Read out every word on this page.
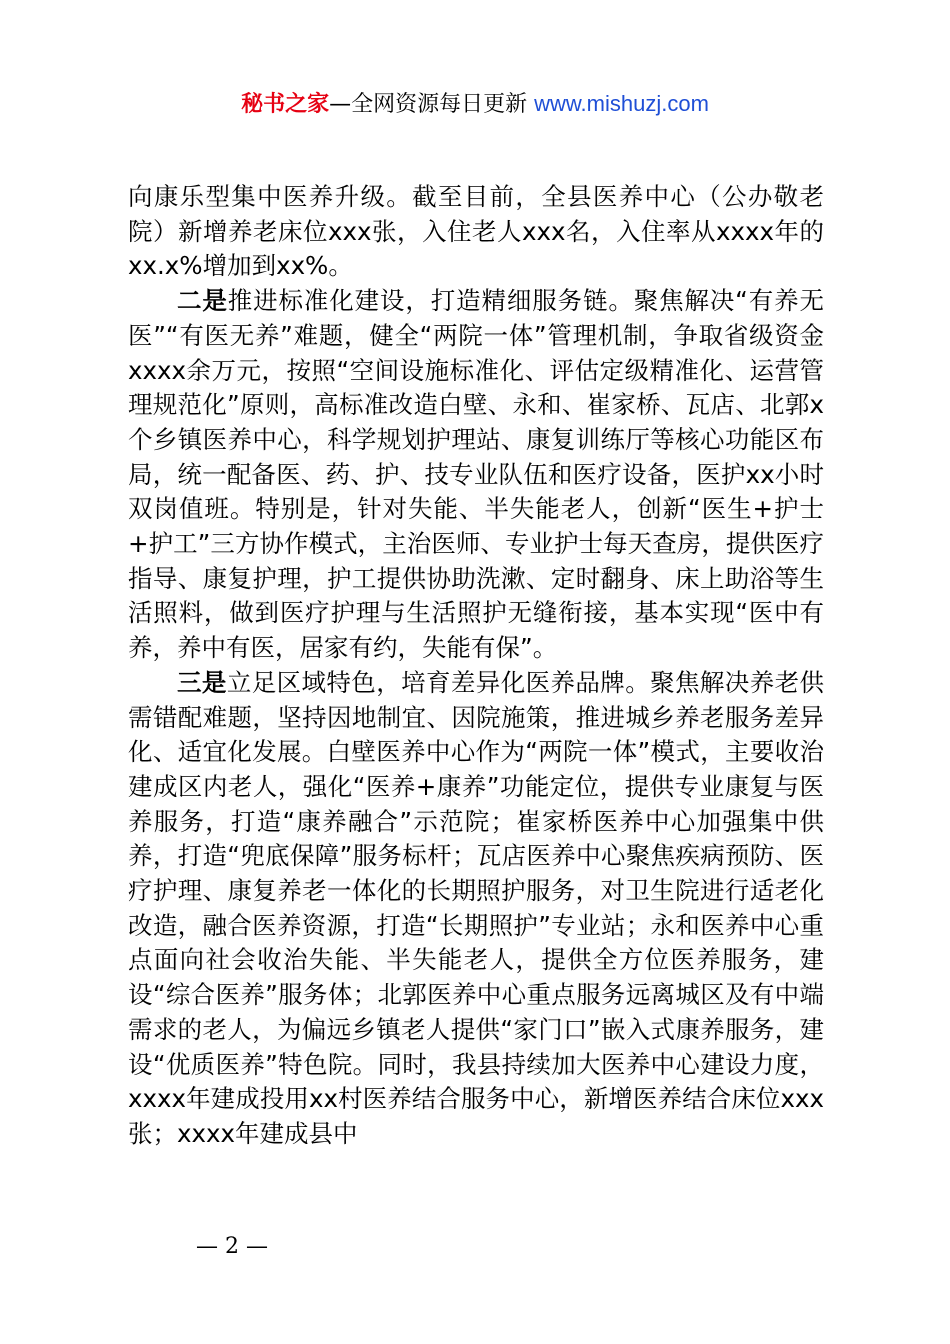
秘书之家—全网资源每日更新 www.mishuzj.com

向康乐型集中医养升级。截至目前，全县医养中心（公办敬老院）新增养老床位xxx张，入住老人xxx名，入住率从xxxx年的xx.x%增加到xx%。

二是推进标准化建设，打造精细服务链。聚焦解决“有养无医”“有医无养”难题，健全“两院一体”管理机制，争取省级资金xxxx余万元，按照“空间设施标准化、评估定级精准化、运营管理规范化”原则，高标准改造白壁、永和、崔家桥、瓦店、北郭x个乡镇医养中心，科学规划护理站、康复训练厅等核心功能区布局，统一配备医、药、护、技专业队伍和医疗设备，医护xx小时双岗值班。特别是，针对失能、半失能老人，创新“医生+护士+护工”三方协作模式，主治医师、专业护士每天查房，提供医疗指导、康复护理，护工提供协助洗漱、定时翻身、床上助浴等生活照料，做到医疗护理与生活照护无缝衔接，基本实现“医中有养，养中有医，居家有约，失能有保”。

三是立足区域特色，培育差异化医养品牌。聚焦解决养老供需错配难题，坚持因地制宜、因院施策，推进城乡养老服务差异化、适宜化发展。白壁医养中心作为“两院一体”模式，主要收治建成区内老人，强化“医养+康养”功能定位，提供专业康复与医养服务，打造“康养融合”示范院；崔家桥医养中心加强集中供养，打造“兜底保障”服务标杆；瓦店医养中心聚焦疾病预防、医疗护理、康复养老一体化的长期照护服务，对卫生院进行适老化改造，融合医养资源，打造“长期照护”专业站；永和医养中心重点面向社会收治失能、半失能老人，提供全方位医养服务，建设“综合医养”服务体；北郭医养中心重点服务远离城区及有中端需求的老人，为偏远乡镇老人提供“家门口”嵌入式康养服务，建设“优质医养”特色院。同时，我县持续加大医养中心建设力度，xxxx年建成投用xx村医养结合服务中心，新增医养结合床位xxx张；xxxx年建成县中

— 2 —
